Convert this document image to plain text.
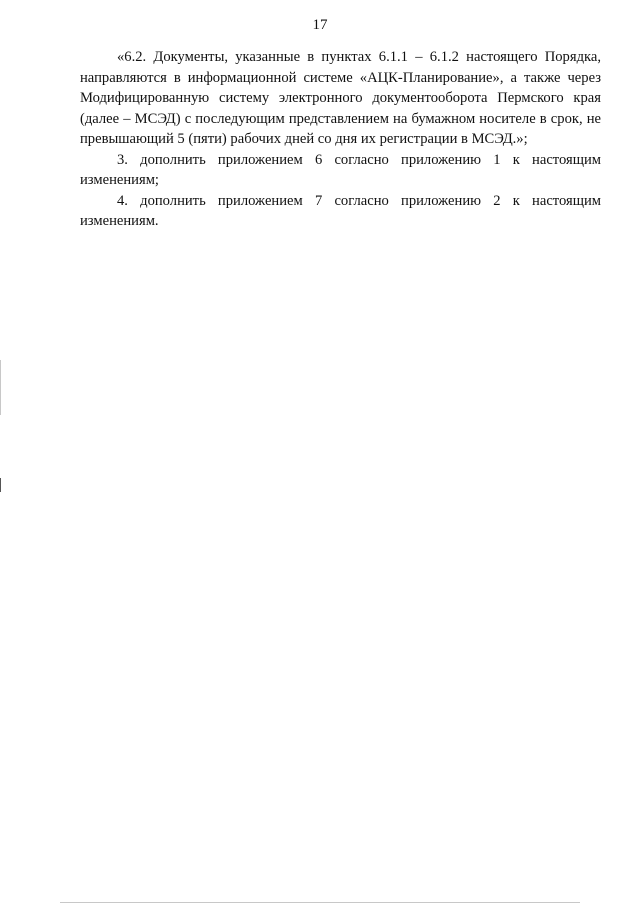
17

«6.2. Документы, указанные в пунктах 6.1.1 – 6.1.2 настоящего Порядка, направляются в информационной системе «АЦК-Планирование», а также через Модифицированную систему электронного документооборота Пермского края (далее – МСЭД) с последующим представлением на бумажном носителе в срок, не превышающий 5 (пяти) рабочих дней со дня их регистрации в МСЭД.»;

3. дополнить приложением 6 согласно приложению 1 к настоящим изменениям;

4. дополнить приложением 7 согласно приложению 2 к настоящим изменениям.
